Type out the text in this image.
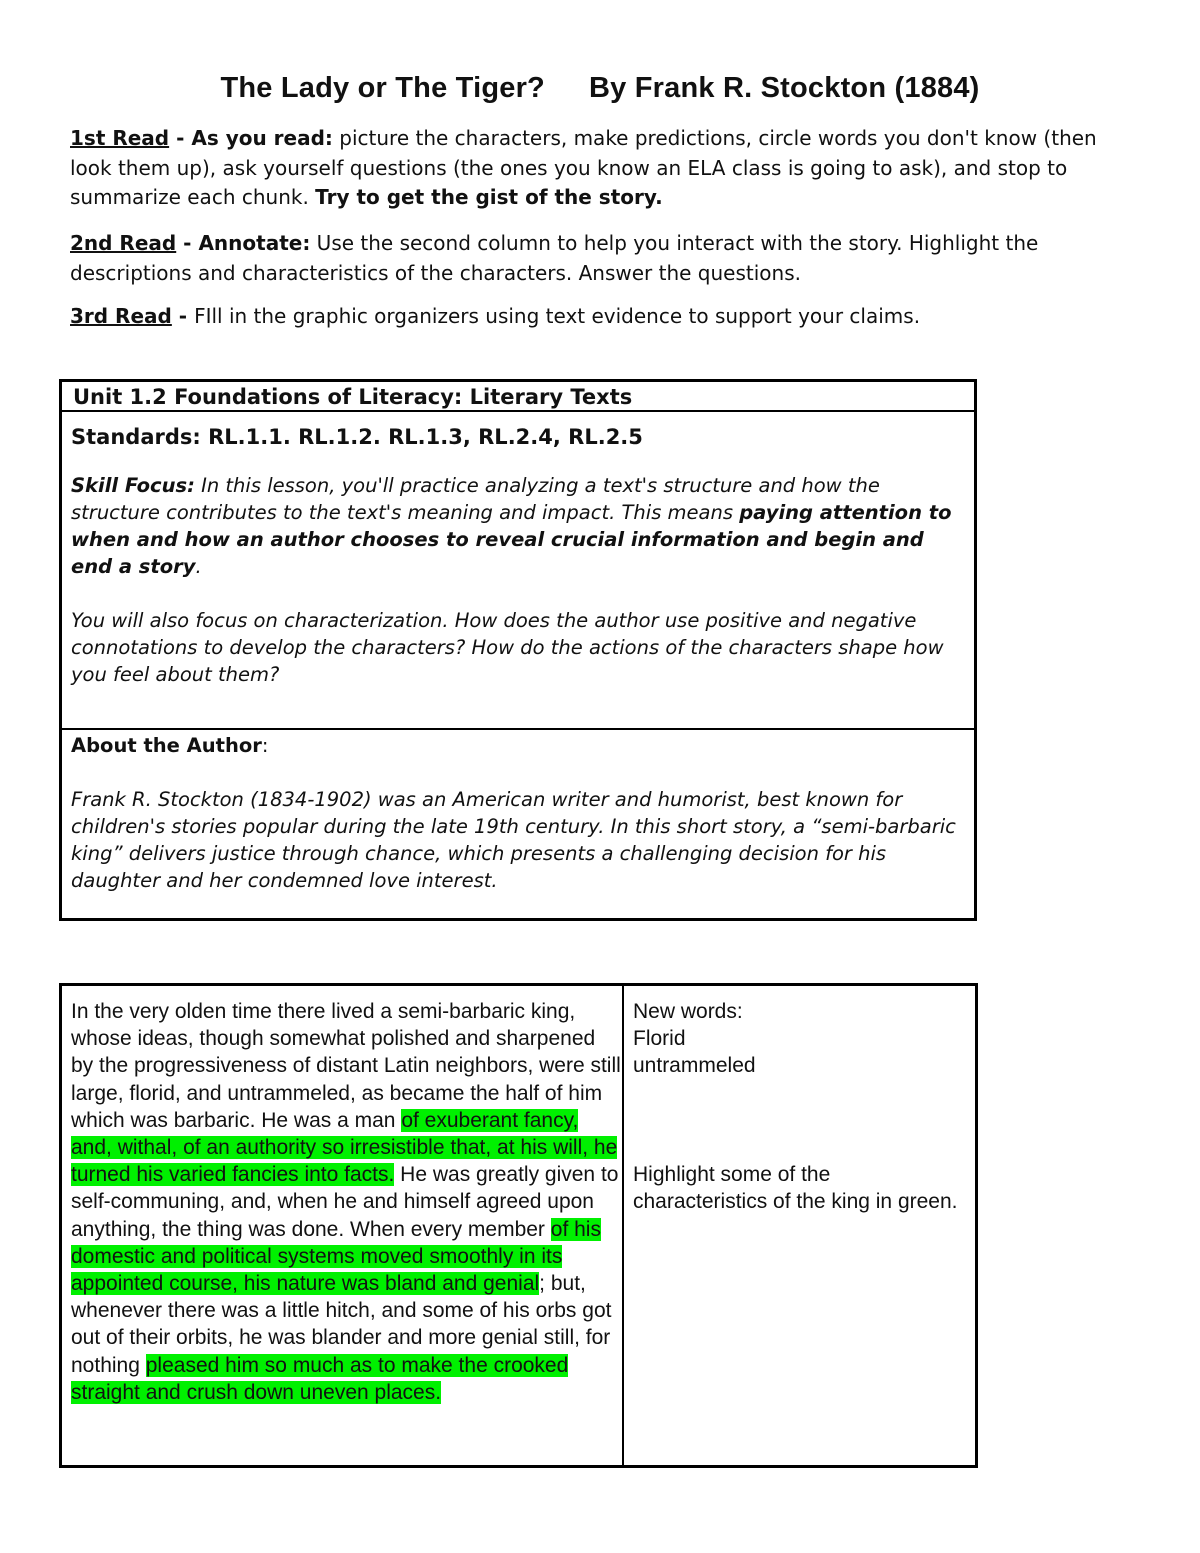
The Lady or The Tiger? By Frank R. Stockton (1884)
1st Read - As you read: picture the characters, make predictions, circle words you don't know (then look them up), ask yourself questions (the ones you know an ELA class is going to ask), and stop to summarize each chunk. Try to get the gist of the story.
2nd Read - Annotate: Use the second column to help you interact with the story. Highlight the descriptions and characteristics of the characters. Answer the questions.
3rd Read - FIll in the graphic organizers using text evidence to support your claims.
Unit 1.2 Foundations of Literacy: Literary Texts

Standards: RL.1.1. RL.1.2. RL.1.3, RL.2.4, RL.2.5

Skill Focus: In this lesson, you'll practice analyzing a text's structure and how the structure contributes to the text's meaning and impact. This means paying attention to when and how an author chooses to reveal crucial information and begin and end a story.

You will also focus on characterization. How does the author use positive and negative connotations to develop the characters? How do the actions of the characters shape how you feel about them?

About the Author:

Frank R. Stockton (1834-1902) was an American writer and humorist, best known for children's stories popular during the late 19th century. In this short story, a “semi-barbaric king” delivers justice through chance, which presents a challenging decision for his daughter and her condemned love interest.

In the very olden time there lived a semi-barbaric king, whose ideas, though somewhat polished and sharpened by the progressiveness of distant Latin neighbors, were still large, florid, and untrammeled, as became the half of him which was barbaric. He was a man of exuberant fancy, and, withal, of an authority so irresistible that, at his will, he turned his varied fancies into facts. He was greatly given to self-communing, and, when he and himself agreed upon anything, the thing was done. When every member of his domestic and political systems moved smoothly in its appointed course, his nature was bland and genial; but, whenever there was a little hitch, and some of his orbs got out of their orbits, he was blander and more genial still, for nothing pleased him so much as to make the crooked straight and crush down uneven places.

New words:

Florid

untrammeled

Highlight some of the characteristics of the king in green.
